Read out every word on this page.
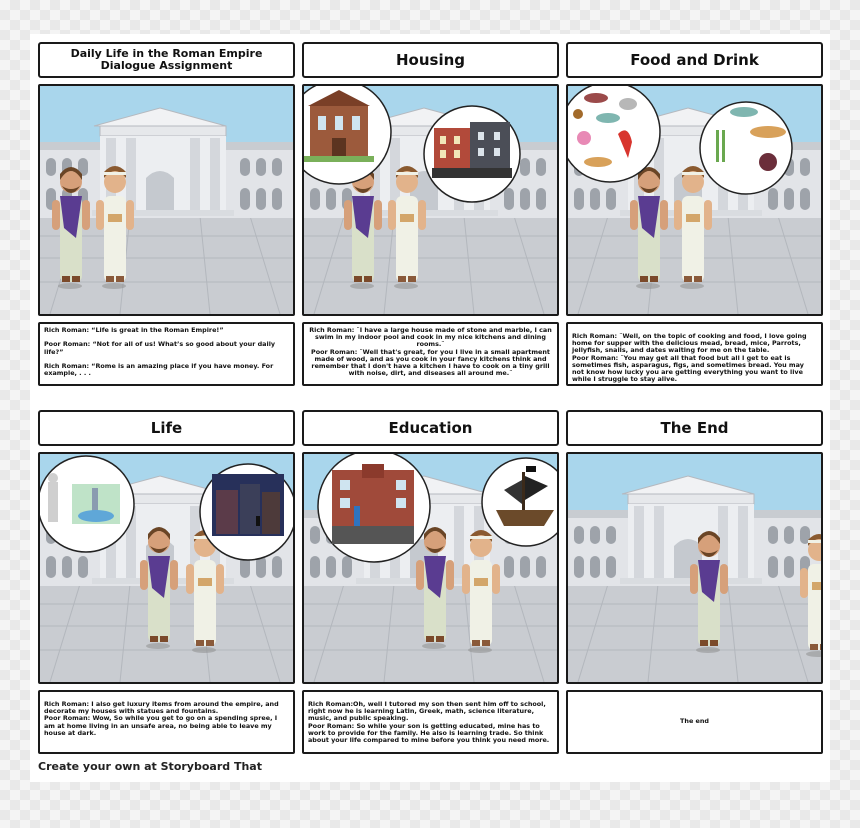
Daily Life in the Roman Empire Dialogue Assignment
Rich Roman: “Life is great in the Roman Empire!”

Poor Roman: “Not for all of us! What’s so good about your daily life?”

Rich Roman: “Rome is an amazing place if you have money. For example, . . .
Housing
Rich Roman: ¨I have a large house made of stone and marble, I can swim in my indoor pool and cook in my nice kitchens and dining rooms.¨
Poor Roman: ¨Well that's great, for you I live in a small apartment made of wood, and as you cook in your fancy kitchens think and remember that I don't have a kitchen I have to cook on a tiny grill with noise, dirt, and diseases all around me.¨
Food and Drink
Rich Roman: ¨Well, on the topic of cooking and food, I love going home for supper with the delicious mead, bread, mice, Parrots, jellyfish, snails, and dates waiting for me on the table.
Poor Roman: ¨You may get all that food but all I get to eat is sometimes fish, asparagus, figs, and sometimes bread. You may not know how lucky you are getting everything you want to live while I struggle to stay alive.
Life
Rich Roman: I also get luxury items from around the empire, and decorate my houses with statues and fountains.
Poor Roman: Wow, So while you get to go on a spending spree, I am at home living in an unsafe area, no being able to leave my house at dark.
Education
Rich Roman:Oh, well I tutored my son then sent him off to school, right now he is learning Latin, Greek, math, science literature, music, and public speaking.
Poor Roman: So while your son is getting educated, mine has to work to provide for the family. He also is learning trade. So think about your life compared to mine before you think you need more.
The End
The end
Create your own at Storyboard That
